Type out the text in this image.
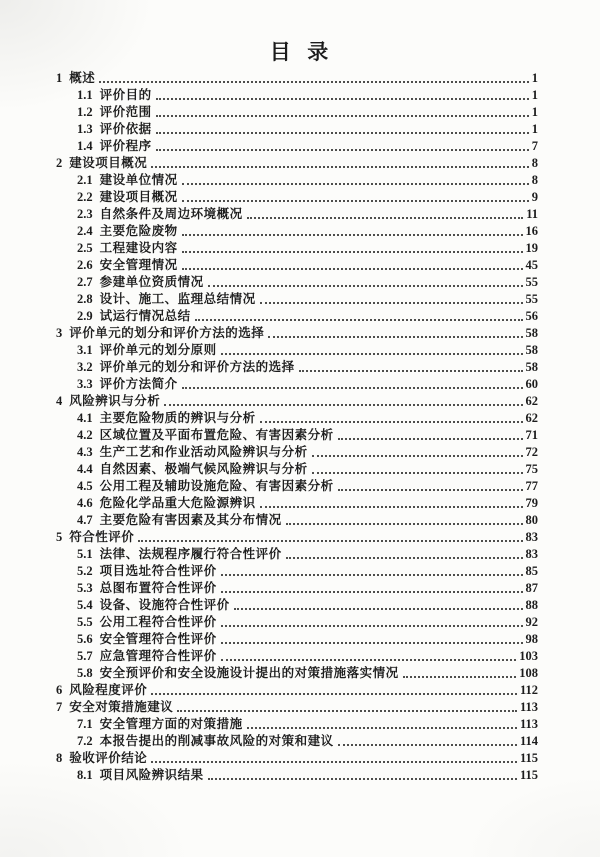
目  录
1 概述	1
1.1 评价目的	1
1.2 评价范围	1
1.3 评价依据	1
1.4 评价程序	7
2 建设项目概况	8
2.1 建设单位情况	8
2.2 建设项目概况	9
2.3 自然条件及周边环境概况	11
2.4 主要危险废物	16
2.5 工程建设内容	19
2.6 安全管理情况	45
2.7 参建单位资质情况	55
2.8 设计、施工、监理总结情况	55
2.9 试运行情况总结	56
3 评价单元的划分和评价方法的选择	58
3.1 评价单元的划分原则	58
3.2 评价单元的划分和评价方法的选择	58
3.3 评价方法简介	60
4 风险辨识与分析	62
4.1 主要危险物质的辨识与分析	62
4.2 区域位置及平面布置危险、有害因素分析	71
4.3 生产工艺和作业活动风险辨识与分析	72
4.4 自然因素、极端气候风险辨识与分析	75
4.5 公用工程及辅助设施危险、有害因素分析	77
4.6 危险化学品重大危险源辨识	79
4.7 主要危险有害因素及其分布情况	80
5 符合性评价	83
5.1 法律、法规程序履行符合性评价	83
5.2 项目选址符合性评价	85
5.3 总图布置符合性评价	87
5.4 设备、设施符合性评价	88
5.5 公用工程符合性评价	92
5.6 安全管理符合性评价	98
5.7 应急管理符合性评价	103
5.8 安全预评价和安全设施设计提出的对策措施落实情况	108
6 风险程度评价	112
7 安全对策措施建议	113
7.1 安全管理方面的对策措施	113
7.2 本报告提出的削减事故风险的对策和建议	114
8 验收评价结论	115
8.1 项目风险辨识结果	115
